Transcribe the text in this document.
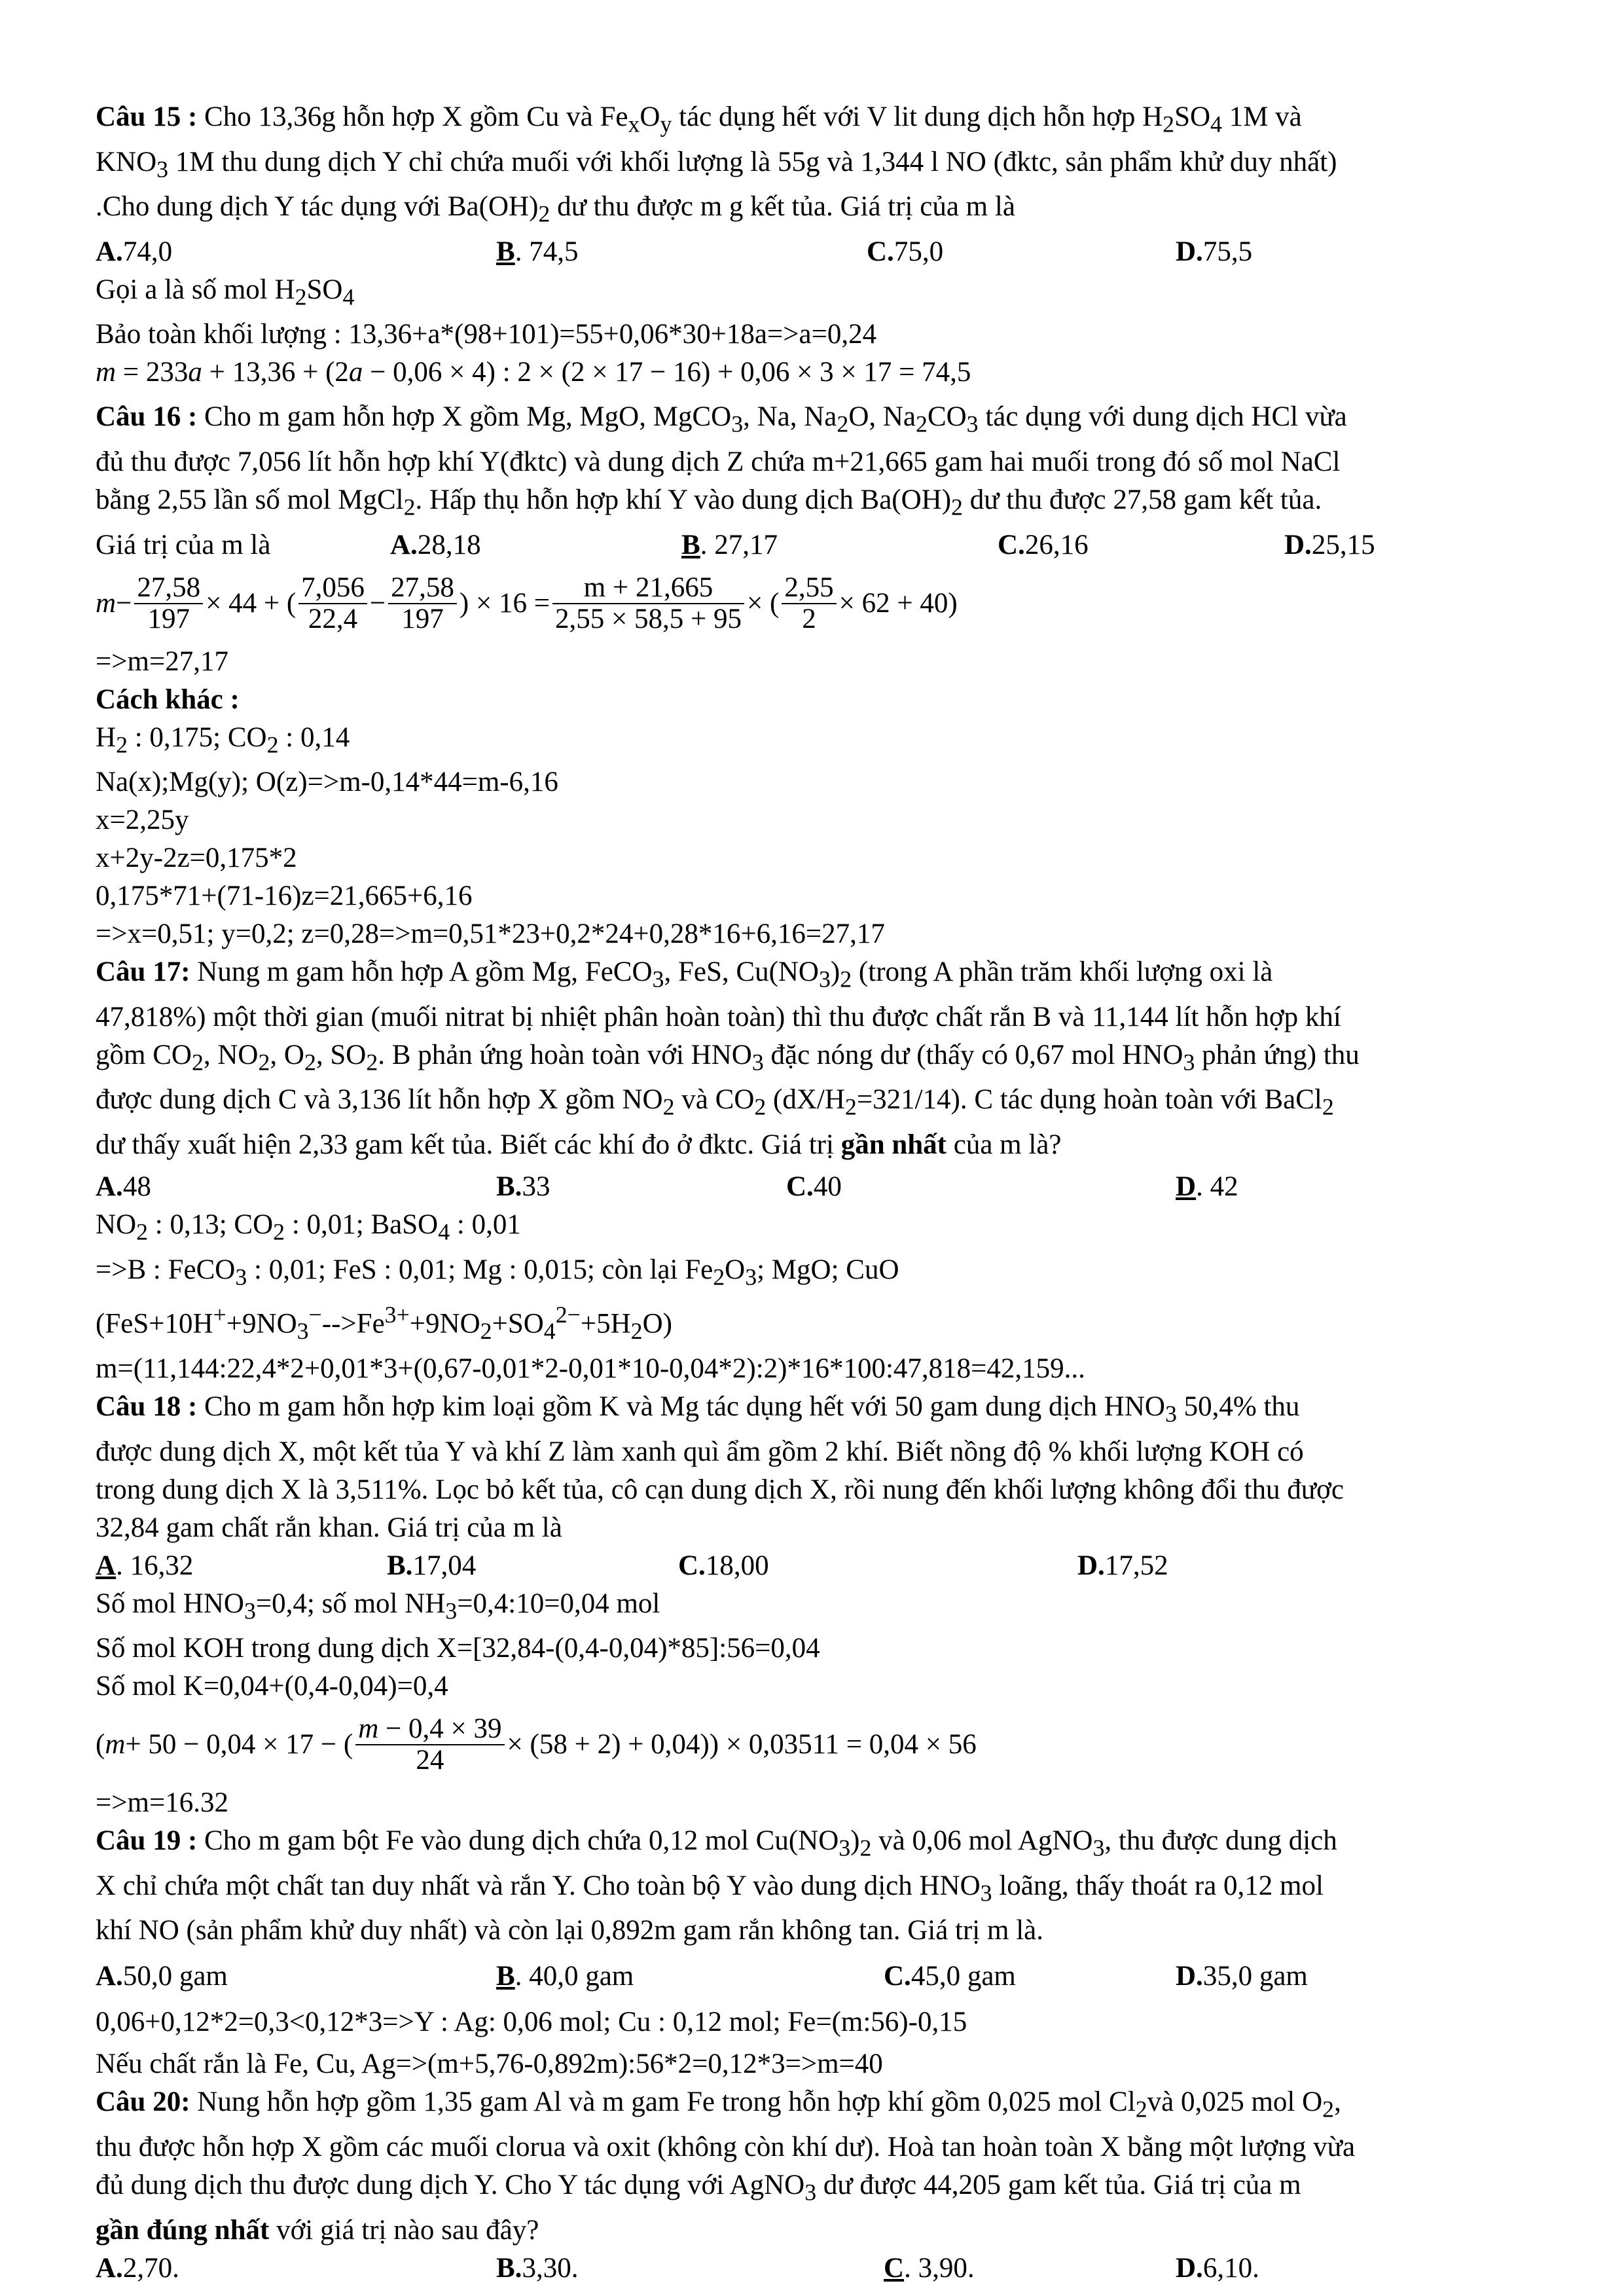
Câu 15 : Cho 13,36g hỗn hợp X gồm Cu và $Fe_xO_y$ tác dụng hết với V lit dung dịch hỗn hợp $H_2SO_4$ 1M và

$KNO_3$ 1M thu dung dịch Y chỉ chứa muối với khối lượng là 55g và 1,344 l NO (đktc, sản phẩm khử duy nhất)

.Cho dung dịch Y tác dụng với $Ba(OH)_2$ dư thu được m g kết tủa. Giá trị của m là

A. 74,0	B . 74,5	C. 75,0	D. 75,5

Gọi a là số mol $H_2SO_4$

Bảo toàn khối lượng : 13,36+a*(98+101)=55+0,06*30+18a=>a=0,24

m = 233a + 13,36 + (2a − 0,06 × 4) : 2 × (2 × 17 − 16) + 0,06 × 3 × 17 = 74,5

Câu 16 : Cho m gam hỗn hợp X gồm Mg, MgO, MgCO$_3$, Na, $Na_2O$, $Na_2CO_3$ tác dụng với dung dịch HCl vừa

đủ thu được 7,056 lít hỗn hợp khí Y(đktc) và dung dịch Z chứa m+21,665 gam hai muối trong đó số mol NaCl

bằng 2,55 lần số mol MgCl$_2$. Hấp thụ hỗn hợp khí Y vào dung dịch $Ba(OH)_2$ dư thu được 27,58 gam kết tủa.

Giá trị của m là	A. 28,18	B . 27,17	C. 26,16	D. 25,15
$m - \frac{27,58}{197} \times 44$ + ( $\frac{7,056}{22,4} - \frac{27,58}{197}$ ) × $16 = \frac{m + 21,665}{2,55 \times 58,5 + 95}$ × ( $\frac{2,55}{2} \times 62 + 40$)

=>m=27,17

Cách khác :

$H_2$ : 0,175; $CO_2$ : 0,14

Na(x);Mg(y); O(z)=>m-0,14*44=m-6,16

x=2,25y

x+2y-2z=0,175*2

0,175*71+(71-16)z=21,665+6,16

=>x=0,51; y=0,2; z=0,28=>m=0,51*23+0,2*24+0,28*16+6,16=27,17

Câu 17: Nung m gam hỗn hợp A gồm Mg, FeCO$_3$, FeS, $Cu(NO_3)_2$ (trong A phần trăm khối lượng oxi là

47,818%) một thời gian (muối nitrat bị nhiệt phân hoàn toàn) thì thu được chất rắn B và 11,144 lít hỗn hợp khí

gồm $CO_2$, $NO_2$, $O_2$, $SO_2$. B phản ứng hoàn toàn với $HNO_3$ đặc nóng dư (thấy có 0,67 mol $HNO_3$ phản ứng) thu

được dung dịch C và 3,136 lít hỗn hợp X gồm $NO_2$ và $CO_2$ $(dX/H_2=321/14)$. C tác dụng hoàn toàn với BaCl$_2$

dư thấy xuất hiện 2,33 gam kết tủa. Biết các khí đo ở đktc. Giá trị gần nhất của m là?

A. 48	B. 33	C. 40	D . 42

$NO_2$ : 0,13; $CO_2$ : 0,01; BaSO$_4$ : 0,01

=>B : FeCO$_3$ : 0,01; FeS : 0,01; Mg : 0,015; còn lại $Fe_2O_3$; MgO; CuO

$(FeS+10H^++9NO_3^--->Fe^{3+}+9NO_2+SO_4^{2-}+5H_2O)$

m=(11,144:22,4*2+0,01*3+(0,67-0,01*2-0,01*10-0,04*2):2)*16*100:47,818=42,159...

Câu 18 : Cho m gam hỗn hợp kim loại gồm K và Mg tác dụng hết với 50 gam dung dịch $HNO_3$ 50,4% thu

được dung dịch X, một kết tủa Y và khí Z làm xanh quì ẩm gồm 2 khí. Biết nồng độ % khối lượng KOH có

trong dung dịch X là 3,511%. Lọc bỏ kết tủa, cô cạn dung dịch X, rồi nung đến khối lượng không đổi thu được

32,84 gam chất rắn khan. Giá trị của m là

A . 16,32	B. 17,04	C. 18,00	D. 17,52

Số mol $HNO_3=0,4$; số mol $NH_3=0,4:10=0,04$ mol

Số mol KOH trong dung dịch X=[32,84-(0,4-0,04)*85]:56=0,04

Số mol K=0,04+(0,4-0,04)=0,4

( m + 50 − 0,04 × 17 − ( $\frac{m - 0,4 \times 39}{24} \times (58 + 2) + 0,04)) \times 0,03511 = 0,04 \times 56$

=>m=16.32

Câu 19 : Cho m gam bột Fe vào dung dịch chứa 0,12 mol $Cu(NO_3)_2$ và 0,06 mol AgNO$_3$, thu được dung dịch

X chỉ chứa một chất tan duy nhất và rắn Y. Cho toàn bộ Y vào dung dịch $HNO_3$ loãng, thấy thoát ra 0,12 mol

khí NO (sản phẩm khử duy nhất) và còn lại 0,892m gam rắn không tan. Giá trị m là.

A. 50,0 gam	B . 40,0 gam	C. 45,0 gam	D. 35,0 gam

0,06+0,12*2=0,3<0,12*3=>Y : Ag: 0,06 mol; Cu : 0,12 mol; Fe=(m:56)-0,15

Nếu chất rắn là Fe, Cu, Ag=>(m+5,76-0,892m):56*2=0,12*3=>m=40

Câu 20: Nung hỗn hợp gồm 1,35 gam Al và m gam Fe trong hỗn hợp khí gồm 0,025 mol $Cl_2và$ 0,025 mol $O_2$,

thu được hỗn hợp X gồm các muối clorua và oxit (không còn khí dư). Hoà tan hoàn toàn X bằng một lượng vừa

đủ dung dịch thu được dung dịch Y. Cho Y tác dụng với AgNO$_3$ dư được 44,205 gam kết tủa. Giá trị của m

gần đúng nhất với giá trị nào sau đây?

A. 2,70.	B. 3,30.	C . 3,90.	D. 6,10.
